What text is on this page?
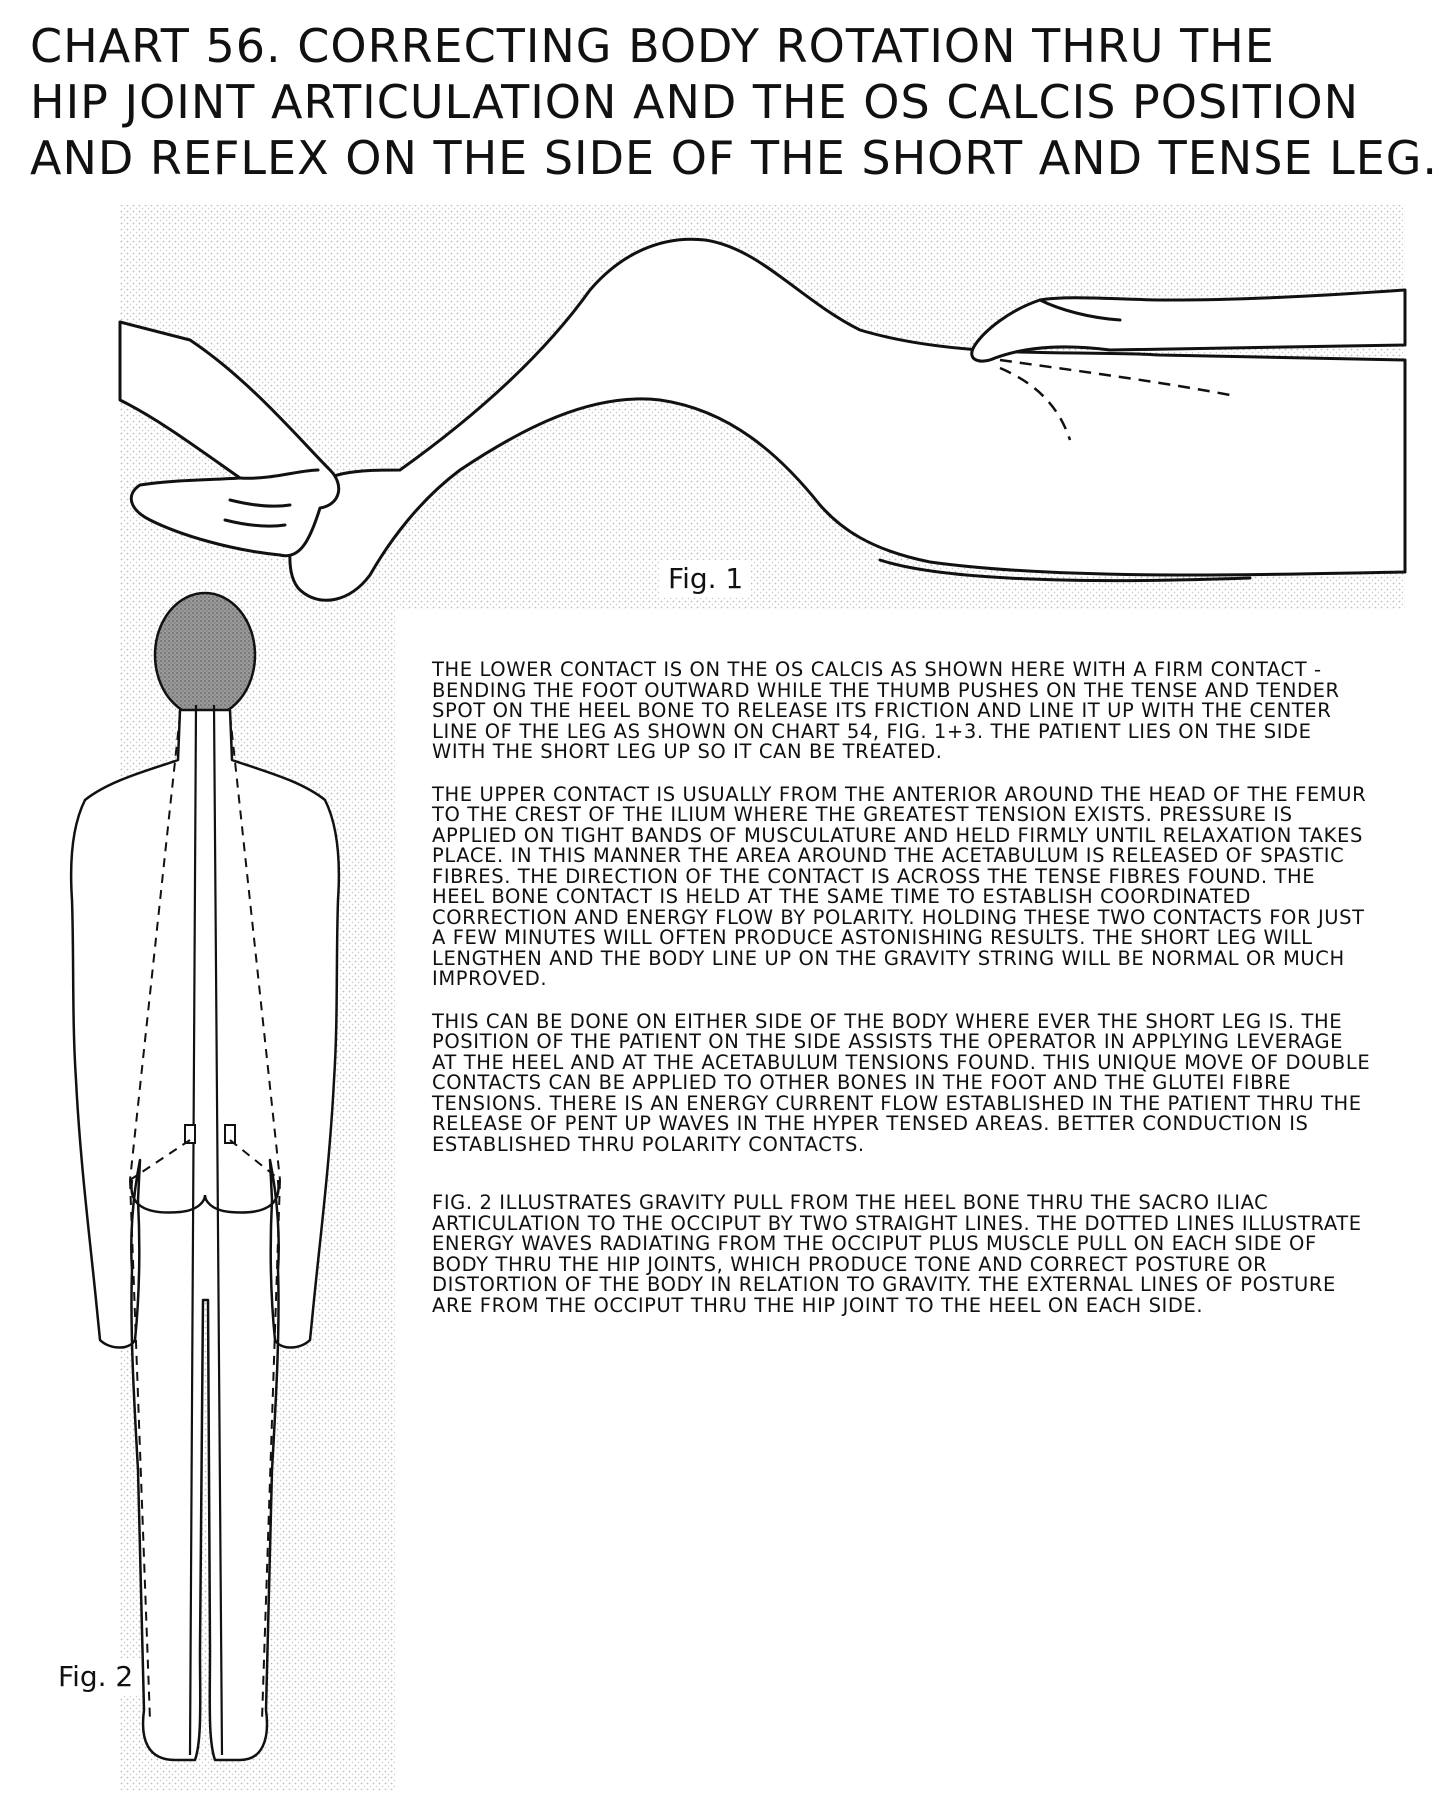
CHART 56. CORRECTING BODY ROTATION THRU THE
HIP JOINT ARTICULATION AND THE OS CALCIS POSITION
AND REFLEX ON THE SIDE OF THE SHORT AND TENSE LEG.
Fig. 1
Fig. 2

THE LOWER CONTACT IS ON THE OS CALCIS AS SHOWN HERE WITH A FIRM CONTACT - BENDING THE FOOT OUTWARD WHILE THE THUMB PUSHES ON THE TENSE AND TENDER SPOT ON THE HEEL BONE TO RELEASE ITS FRICTION AND LINE IT UP WITH THE CENTER LINE OF THE LEG AS SHOWN ON CHART 54, FIG. 1+3. THE PATIENT LIES ON THE SIDE WITH THE SHORT LEG UP SO IT CAN BE TREATED.

THE UPPER CONTACT IS USUALLY FROM THE ANTERIOR AROUND THE HEAD OF THE FEMUR TO THE CREST OF THE ILIUM WHERE THE GREATEST TENSION EXISTS. PRESSURE IS APPLIED ON TIGHT BANDS OF MUSCULATURE AND HELD FIRMLY UNTIL RELAXATION TAKES PLACE. IN THIS MANNER THE AREA AROUND THE ACETABULUM IS RELEASED OF SPASTIC FIBRES. THE DIRECTION OF THE CONTACT IS ACROSS THE TENSE FIBRES FOUND. THE HEEL BONE CONTACT IS HELD AT THE SAME TIME TO ESTABLISH COORDINATED CORRECTION AND ENERGY FLOW BY POLARITY. HOLDING THESE TWO CONTACTS FOR JUST A FEW MINUTES WILL OFTEN PRODUCE ASTONISHING RESULTS. THE SHORT LEG WILL LENGTHEN AND THE BODY LINE UP ON THE GRAVITY STRING WILL BE NORMAL OR MUCH IMPROVED.

THIS CAN BE DONE ON EITHER SIDE OF THE BODY WHERE EVER THE SHORT LEG IS. THE POSITION OF THE PATIENT ON THE SIDE ASSISTS THE OPERATOR IN APPLYING LEVERAGE AT THE HEEL AND AT THE ACETABULUM TENSIONS FOUND. THIS UNIQUE MOVE OF DOUBLE CONTACTS CAN BE APPLIED TO OTHER BONES IN THE FOOT AND THE GLUTEI FIBRE TENSIONS. THERE IS AN ENERGY CURRENT FLOW ESTABLISHED IN THE PATIENT THRU THE RELEASE OF PENT UP WAVES IN THE HYPER TENSED AREAS. BETTER CONDUCTION IS ESTABLISHED THRU POLARITY CONTACTS.

FIG. 2 ILLUSTRATES GRAVITY PULL FROM THE HEEL BONE THRU THE SACRO ILIAC ARTICULATION TO THE OCCIPUT BY TWO STRAIGHT LINES. THE DOTTED LINES ILLUSTRATE ENERGY WAVES RADIATING FROM THE OCCIPUT PLUS MUSCLE PULL ON EACH SIDE OF BODY THRU THE HIP JOINTS, WHICH PRODUCE TONE AND CORRECT POSTURE OR DISTORTION OF THE BODY IN RELATION TO GRAVITY. THE EXTERNAL LINES OF POSTURE ARE FROM THE OCCIPUT THRU THE HIP JOINT TO THE HEEL ON EACH SIDE.
